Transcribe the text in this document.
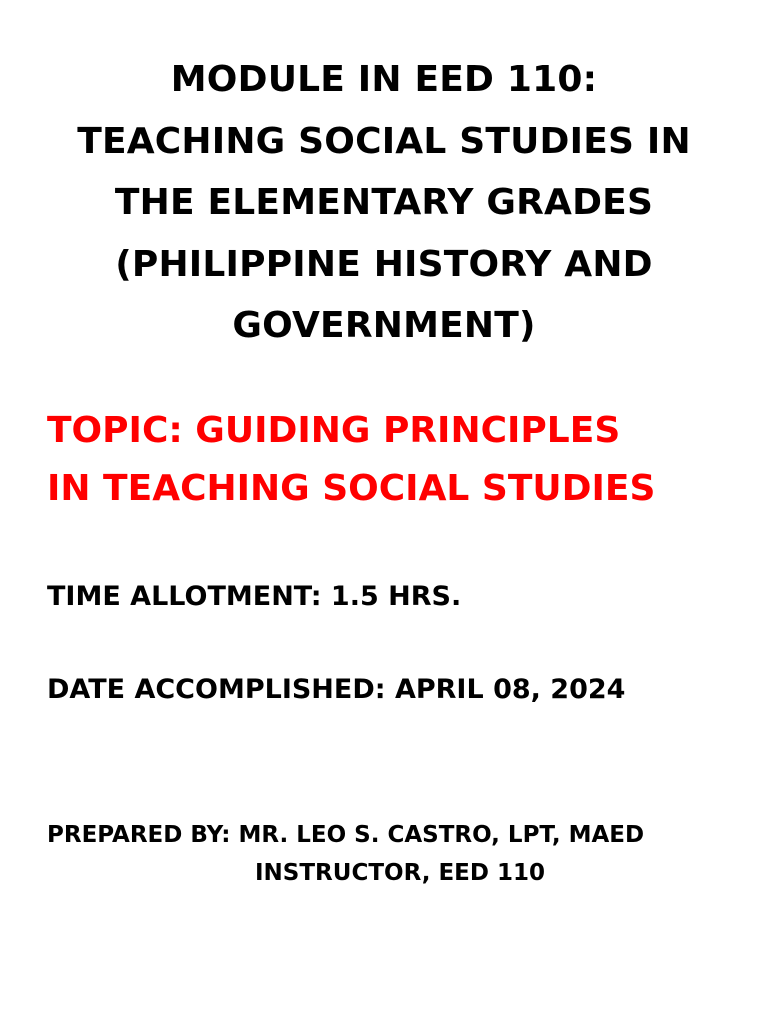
MODULE IN EED 110:
TEACHING SOCIAL STUDIES IN
THE ELEMENTARY GRADES
(PHILIPPINE HISTORY AND
GOVERNMENT)
TOPIC: GUIDING PRINCIPLES
IN TEACHING SOCIAL STUDIES
TIME ALLOTMENT: 1.5 HRS.
DATE ACCOMPLISHED: APRIL 08, 2024
PREPARED BY: MR. LEO S. CASTRO, LPT, MAED
INSTRUCTOR, EED 110
